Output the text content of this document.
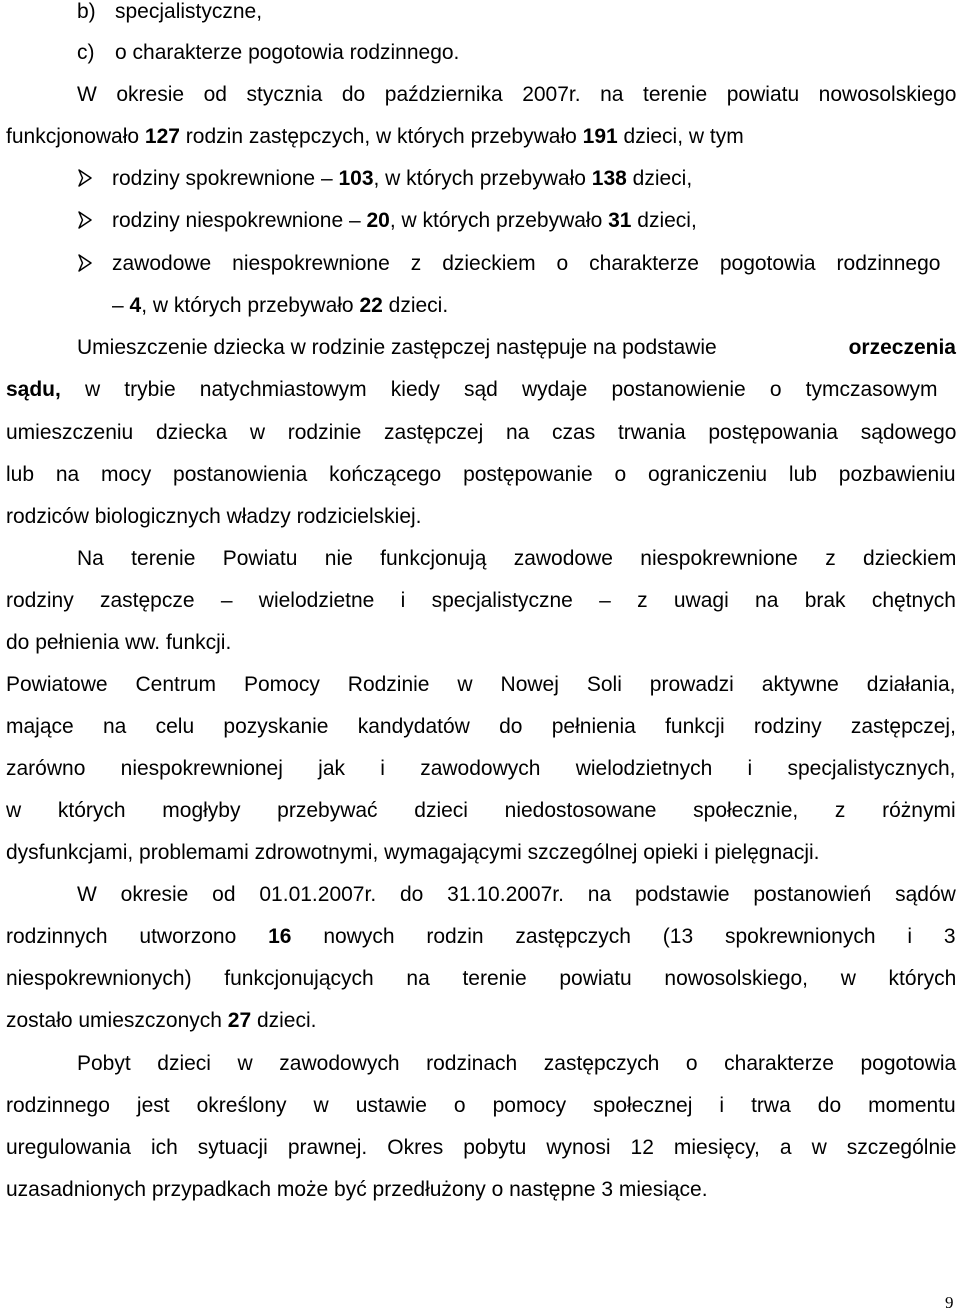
b) specjalistyczne,
c) o charakterze pogotowia rodzinnego.
W okresie od stycznia do października 2007r. na terenie powiatu nowosolskiego
funkcjonowało 127 rodzin zastępczych, w których przebywało 191 dzieci, w tym
rodziny spokrewnione – 103, w których przebywało 138 dzieci,
rodziny niespokrewnione – 20, w których przebywało 31 dzieci,
zawodowe niespokrewnione z dzieckiem o charakterze pogotowia rodzinnego
– 4, w których przebywało 22 dzieci.
Umieszczenie dziecka w rodzinie zastępczej następuje na podstawie	orzeczenia
sądu, w trybie natychmiastowym kiedy sąd wydaje postanowienie o tymczasowym
umieszczeniu dziecka w rodzinie zastępczej na czas trwania postępowania sądowego
lub na mocy postanowienia kończącego postępowanie o ograniczeniu lub pozbawieniu
rodziców biologicznych władzy rodzicielskiej.
Na terenie Powiatu nie funkcjonują zawodowe niespokrewnione z dzieckiem
rodziny zastępcze – wielodzietne i specjalistyczne – z uwagi na brak chętnych
do pełnienia ww. funkcji.
Powiatowe Centrum Pomocy Rodzinie w Nowej Soli prowadzi aktywne działania,
mające na celu pozyskanie kandydatów do pełnienia funkcji rodziny zastępczej,
zarówno niespokrewnionej jak i zawodowych wielodzietnych i specjalistycznych,
w których mogłyby przebywać dzieci niedostosowane społecznie, z różnymi
dysfunkcjami, problemami zdrowotnymi, wymagającymi szczególnej opieki i pielęgnacji.
W okresie od 01.01.2007r. do 31.10.2007r. na podstawie postanowień sądów
rodzinnych utworzono 16 nowych rodzin zastępczych (13 spokrewnionych i 3
niespokrewnionych) funkcjonujących na terenie powiatu nowosolskiego, w których
zostało umieszczonych 27 dzieci.
Pobyt dzieci w zawodowych rodzinach zastępczych o charakterze pogotowia
rodzinnego jest określony w ustawie o pomocy społecznej i trwa do momentu
uregulowania ich sytuacji prawnej. Okres pobytu wynosi 12 miesięcy, a w szczególnie
uzasadnionych przypadkach może być przedłużony o następne 3 miesiące.
9
